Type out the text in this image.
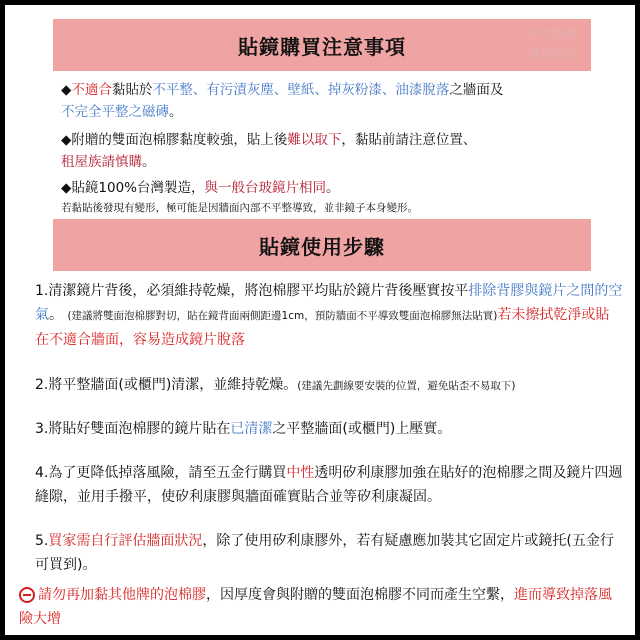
貼鏡購買注意事項
請勿盜圖
違者提告
◆不適合黏貼於不平整、有污漬灰塵、壁紙、掉灰粉漆、油漆脫落之牆面及
不完全平整之磁磚。
◆附贈的雙面泡棉膠黏度較強，貼上後難以取下，黏貼前請注意位置、
租屋族請慎購。
◆貼鏡100%台灣製造，與一般台玻鏡片相同。
若黏貼後發現有變形，極可能是因牆面內部不平整導致，並非鏡子本身變形。
貼鏡使用步驟
1.清潔鏡片背後，必須維持乾燥，將泡棉膠平均貼於鏡片背後壓實按平排除背膠與鏡片之間的空氣。 (建議將雙面泡棉膠對切，貼在鏡背面兩側距邊1cm，預防牆面不平導致雙面泡棉膠無法貼實)若未擦拭乾淨或貼在不適合牆面，容易造成鏡片脫落
2.將平整牆面(或櫃門)清潔，並維持乾燥。(建議先劃線要安裝的位置，避免貼歪不易取下)
3.將貼好雙面泡棉膠的鏡片貼在已清潔之平整牆面(或櫃門)上壓實。
4.為了更降低掉落風險，請至五金行購買中性透明矽利康膠加強在貼好的泡棉膠之間及鏡片四週縫隙，並用手撥平，使矽利康膠與牆面確實貼合並等矽利康凝固。
5.買家需自行評估牆面狀況，除了使用矽利康膠外，若有疑慮應加裝其它固定片或鏡托(五金行可買到)。
請勿再加黏其他牌的泡棉膠，因厚度會與附贈的雙面泡棉膠不同而產生空繫，進而導致掉落風險大增
